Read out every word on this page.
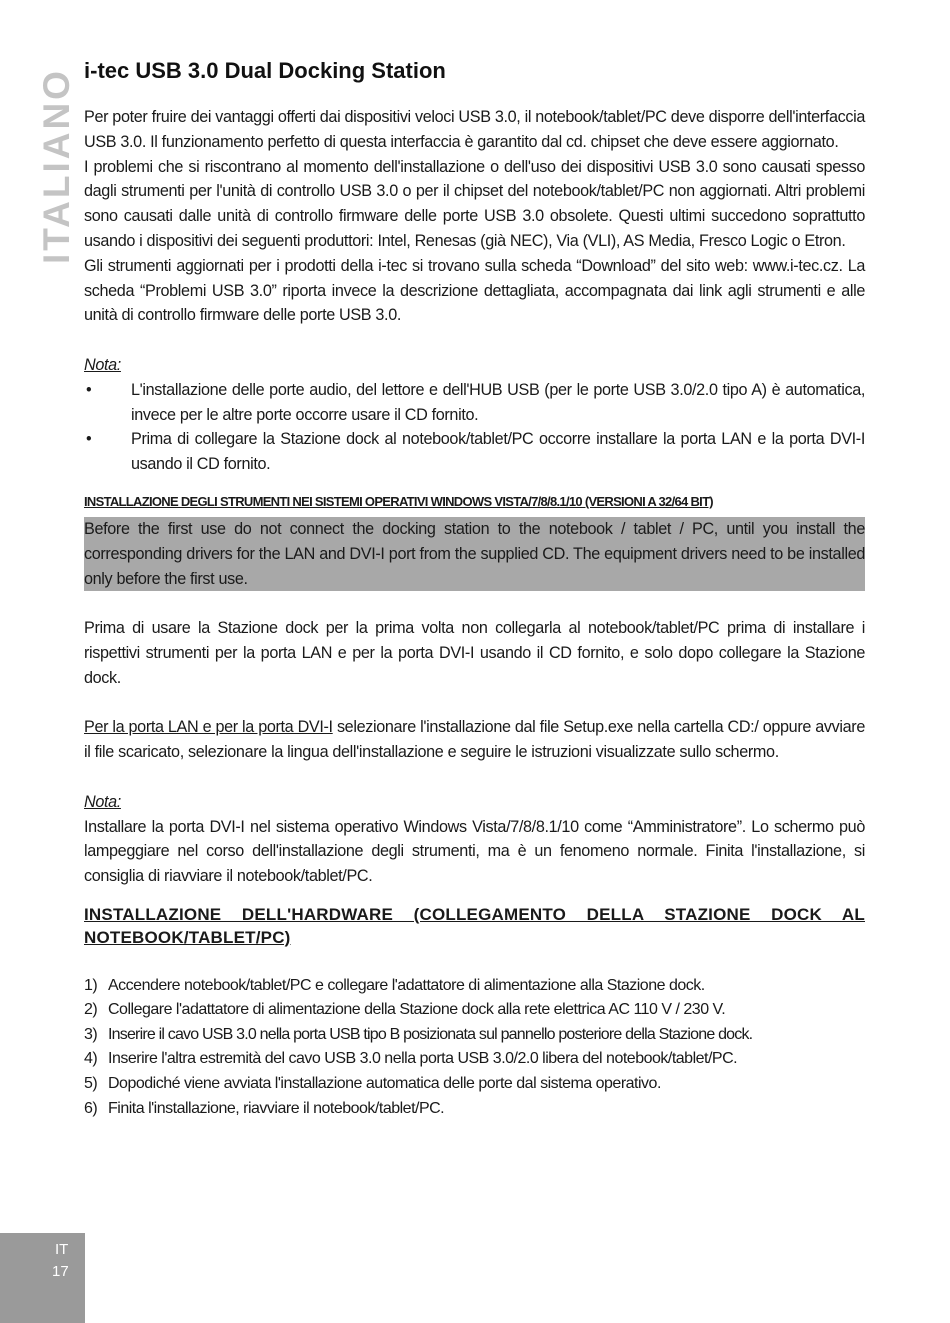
ITALIANO
IT
17
i-tec USB 3.0 Dual Docking Station

Per poter fruire dei vantaggi offerti dai dispositivi veloci USB 3.0, il notebook/tablet/PC deve disporre dell'interfaccia USB 3.0. Il funzionamento perfetto di questa interfaccia è garantito dal cd. chipset che deve essere aggiornato.

I problemi che si riscontrano al momento dell'installazione o dell'uso dei dispositivi USB 3.0 sono causati spesso dagli strumenti per l'unità di controllo USB 3.0 o per il chipset del notebook/tablet/PC non aggiornati. Altri problemi sono causati dalle unità di controllo firmware delle porte USB 3.0 obsolete. Questi ultimi succedono soprattutto usando i dispositivi dei seguenti produttori: Intel, Renesas (già NEC), Via (VLI), AS Media, Fresco Logic o Etron.

Gli strumenti aggiornati per i prodotti della i-tec si trovano sulla scheda “Download” del sito web: www.i-tec.cz. La scheda “Problemi USB 3.0” riporta invece la descrizione dettagliata, accompagnata dai link agli strumenti e alle unità di controllo firmware delle porte USB 3.0.

Nota:

• L'installazione delle porte audio, del lettore e dell'HUB USB (per le porte USB 3.0/2.0 tipo A) è automatica, invece per le altre porte occorre usare il CD fornito.
• Prima di collegare la Stazione dock al notebook/tablet/PC occorre installare la porta LAN e la porta DVI-I usando il CD fornito.
INSTALLAZIONE DEGLI STRUMENTI NEI SISTEMI OPERATIVI WINDOWS VISTA/7/8/8.1/10 (VERSIONI A 32/64 BIT)

Before the first use do not connect the docking station to the notebook / tablet / PC, until you install the corresponding drivers for the LAN and DVI-I port from the supplied CD. The equipment drivers need to be installed only before the first use.

Prima di usare la Stazione dock per la prima volta non collegarla al notebook/tablet/PC prima di installare i rispettivi strumenti per la porta LAN e per la porta DVI-I usando il CD fornito, e solo dopo collegare la Stazione dock.

Per la porta LAN e per la porta DVI-I selezionare l'installazione dal file Setup.exe nella cartella CD:/ oppure avviare il file scaricato, selezionare la lingua dell'installazione e seguire le istruzioni visualizzate sullo schermo.

Nota:

Installare la porta DVI-I nel sistema operativo Windows Vista/7/8/8.1/10 come “Amministratore”. Lo schermo può lampeggiare nel corso dell'installazione degli strumenti, ma è un fenomeno normale. Finita l'installazione, si consiglia di riavviare il notebook/tablet/PC.

INSTALLAZIONE DELL'HARDWARE (COLLEGAMENTO DELLA STAZIONE DOCK AL NOTEBOOK/TABLET/PC)
1) Accendere notebook/tablet/PC e collegare l'adattatore di alimentazione alla Stazione dock.
2) Collegare l'adattatore di alimentazione della Stazione dock alla rete elettrica AC 110 V / 230 V.
3) Inserire il cavo USB 3.0 nella porta USB tipo B posizionata sul pannello posteriore della Stazione dock.
4) Inserire l'altra estremità del cavo USB 3.0 nella porta USB 3.0/2.0 libera del notebook/tablet/PC.
5) Dopodiché viene avviata l'installazione automatica delle porte dal sistema operativo.
6) Finita l'installazione, riavviare il notebook/tablet/PC.
